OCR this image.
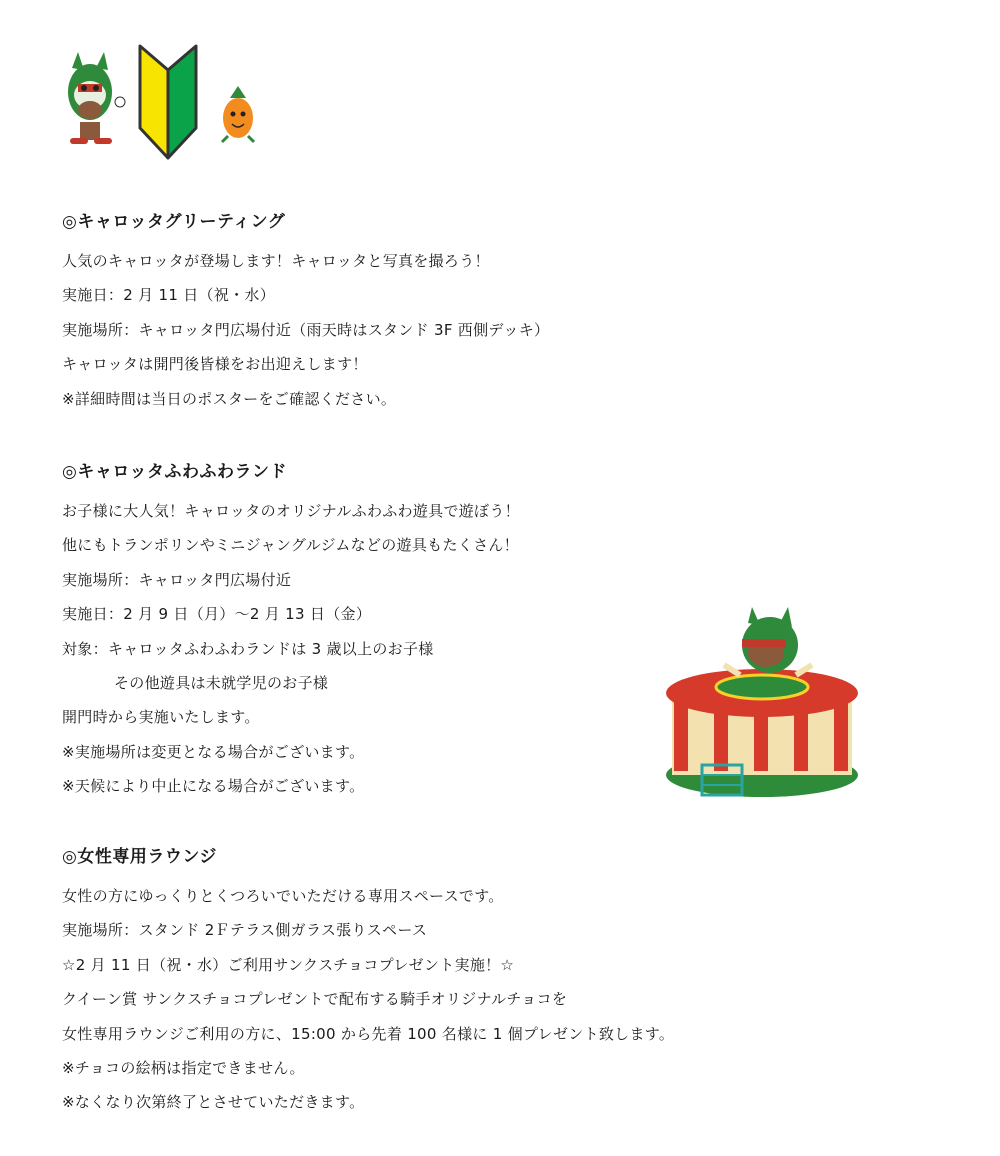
◎キャロッタグリーティング
人気のキャロッタが登場します！キャロッタと写真を撮ろう！
実施日：2 月 11 日（祝・水）
実施場所：キャロッタ門広場付近（雨天時はスタンド 3F 西側デッキ）
キャロッタは開門後皆様をお出迎えします！
※詳細時間は当日のポスターをご確認ください。
◎キャロッタふわふわランド
お子様に大人気！キャロッタのオリジナルふわふわ遊具で遊ぼう！
他にもトランポリンやミニジャングルジムなどの遊具もたくさん！
実施場所：キャロッタ門広場付近
実施日：2 月 9 日（月）～2 月 13 日（金）
対象：キャロッタふわふわランドは 3 歳以上のお子様
その他遊具は未就学児のお子様
開門時から実施いたします。
※実施場所は変更となる場合がございます。
※天候により中止になる場合がございます。
◎女性専用ラウンジ
女性の方にゆっくりとくつろいでいただける専用スペースです。
実施場所：スタンド 2Ｆテラス側ガラス張りスペース
☆2 月 11 日（祝・水）ご利用サンクスチョコプレゼント実施！☆
クイーン賞 サンクスチョコプレゼントで配布する騎手オリジナルチョコを
女性専用ラウンジご利用の方に、15:00 から先着 100 名様に 1 個プレゼント致します。
※チョコの絵柄は指定できません。
※なくなり次第終了とさせていただきます。
